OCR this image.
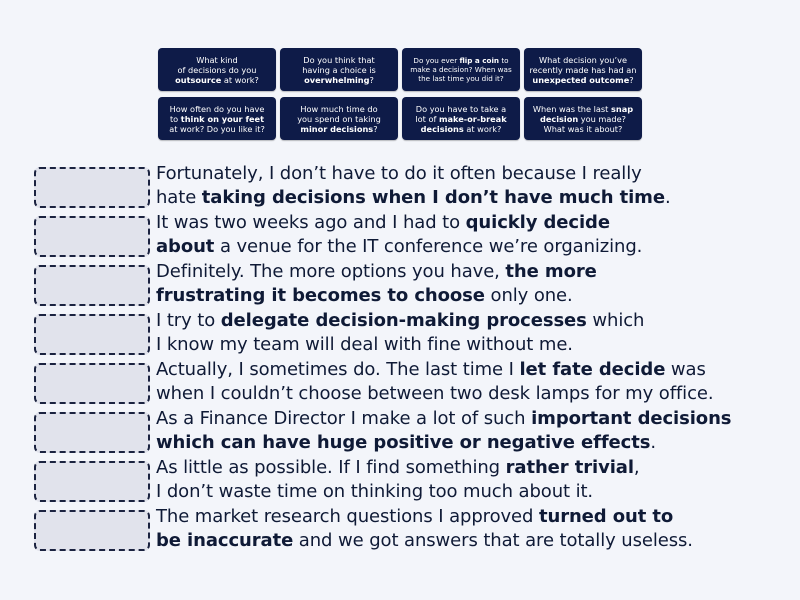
What kind
of decisions do you
outsource at work?
Do you think that
having a choice is
overwhelming?
Do you ever flip a coin to
make a decision? When was
the last time you did it?
What decision you’ve
recently made has had an
unexpected outcome?
How often do you have
to think on your feet
at work? Do you like it?
How much time do
you spend on taking
minor decisions?
Do you have to take a
lot of make-or-break
decisions at work?
When was the last snap
decision you made?
What was it about?
Fortunately, I don’t have to do it often because I really
hate taking decisions when I don’t have much time.
It was two weeks ago and I had to quickly decide
about a venue for the IT conference we’re organizing.
Definitely. The more options you have, the more
frustrating it becomes to choose only one.
I try to delegate decision-making processes which
I know my team will deal with fine without me.
Actually, I sometimes do. The last time I let fate decide was
when I couldn’t choose between two desk lamps for my office.
As a Finance Director I make a lot of such important decisions
which can have huge positive or negative effects.
As little as possible. If I find something rather trivial,
I don’t waste time on thinking too much about it.
The market research questions I approved turned out to
be inaccurate and we got answers that are totally useless.
